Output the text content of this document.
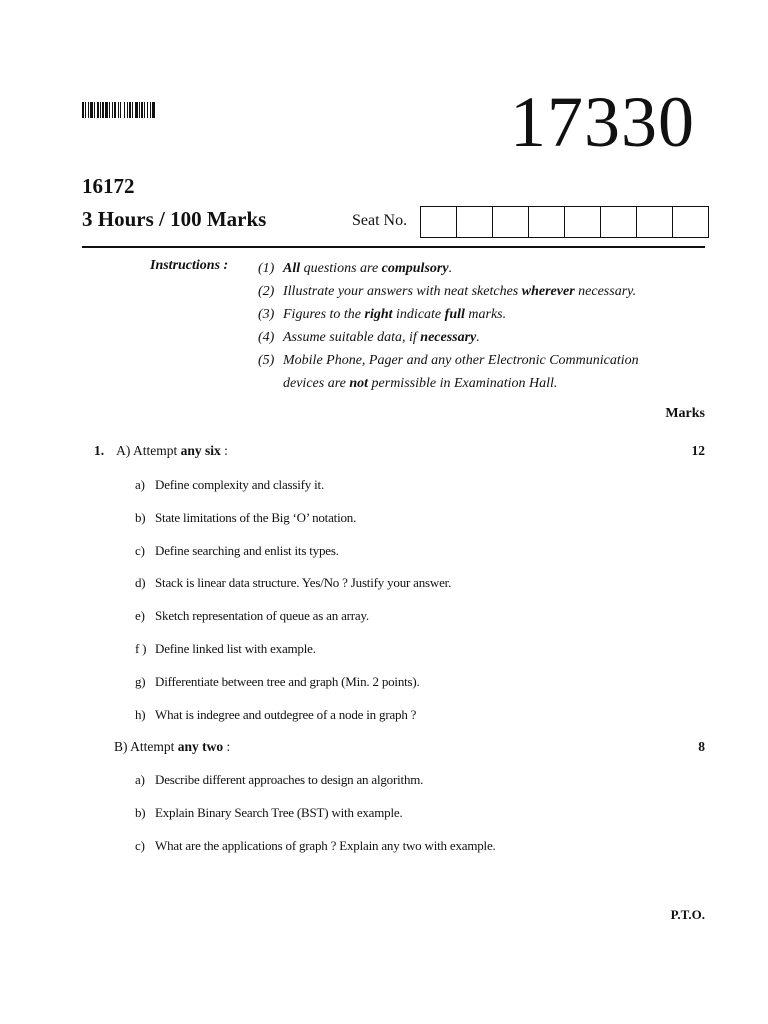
17330
16172
3 Hours / 100 Marks	Seat No.
Instructions : (1) All questions are compulsory.
(2) Illustrate your answers with neat sketches wherever necessary.
(3) Figures to the right indicate full marks.
(4) Assume suitable data, if necessary.
(5) Mobile Phone, Pager and any other Electronic Communication
devices are not permissible in Examination Hall.
Marks
1. A) Attempt any six :	12
a) Define complexity and classify it.
b) State limitations of the Big ‘O’ notation.
c) Define searching and enlist its types.
d) Stack is linear data structure. Yes/No ? Justify your answer.
e) Sketch representation of queue as an array.
f ) Define linked list with example.
g) Differentiate between tree and graph (Min. 2 points).
h) What is indegree and outdegree of a node in graph ?
B) Attempt any two :	8
a) Describe different approaches to design an algorithm.
b) Explain Binary Search Tree (BST) with example.
c) What are the applications of graph ? Explain any two with example.
P.T.O.
